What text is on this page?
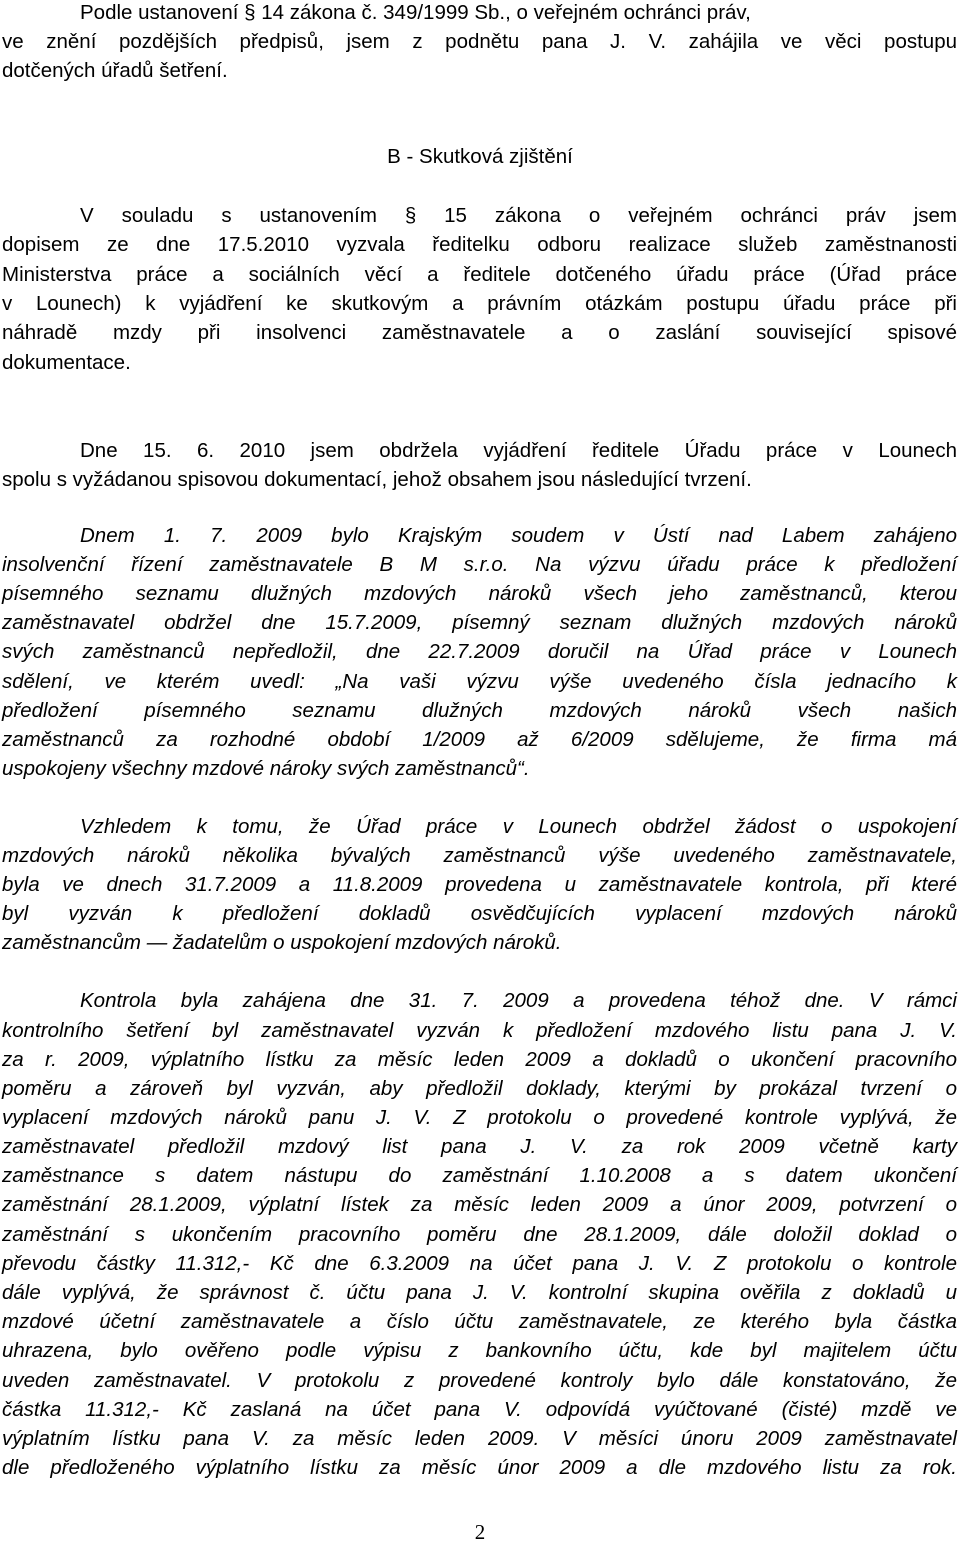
Podle ustanovení § 14 zákona č. 349/1999 Sb., o veřejném ochránci práv,
ve znění pozdějších předpisů, jsem z podnětu pana J. V. zahájila ve věci postupu
dotčených úřadů šetření.
B - Skutková zjištění
V souladu s ustanovením § 15 zákona o veřejném ochránci práv jsem
dopisem ze dne 17.5.2010 vyzvala ředitelku odboru realizace služeb zaměstnanosti
Ministerstva práce a sociálních věcí a ředitele dotčeného úřadu práce (Úřad práce
v Lounech) k vyjádření ke skutkovým a právním otázkám postupu úřadu práce při
náhradě mzdy při insolvenci zaměstnavatele a o zaslání související spisové
dokumentace.
Dne 15. 6. 2010 jsem obdržela vyjádření ředitele Úřadu práce v Lounech
spolu s vyžádanou spisovou dokumentací, jehož obsahem jsou následující tvrzení.
Dnem 1. 7. 2009 bylo Krajským soudem v Ústí nad Labem zahájeno
insolvenční řízení zaměstnavatele B M s.r.o. Na výzvu úřadu práce k předložení
písemného seznamu dlužných mzdových nároků všech jeho zaměstnanců, kterou
zaměstnavatel obdržel dne 15.7.2009, písemný seznam dlužných mzdových nároků
svých zaměstnanců nepředložil, dne 22.7.2009 doručil na Úřad práce v Lounech
sdělení, ve kterém uvedl: „Na vaši výzvu výše uvedeného čísla jednacího k
předložení písemného seznamu dlužných mzdových nároků všech našich
zaměstnanců za rozhodné období 1/2009 až 6/2009 sdělujeme, že firma má
uspokojeny všechny mzdové nároky svých zaměstnanců“.
Vzhledem k tomu, že Úřad práce v Lounech obdržel žádost o uspokojení
mzdových nároků několika bývalých zaměstnanců výše uvedeného zaměstnavatele,
byla ve dnech 31.7.2009 a 11.8.2009 provedena u zaměstnavatele kontrola, při které
byl vyzván k předložení dokladů osvědčujících vyplacení mzdových nároků
zaměstnancům — žadatelům o uspokojení mzdových nároků.
Kontrola byla zahájena dne 31. 7. 2009 a provedena téhož dne. V rámci
kontrolního šetření byl zaměstnavatel vyzván k předložení mzdového listu pana J. V.
za r. 2009, výplatního lístku za měsíc leden 2009 a dokladů o ukončení pracovního
poměru a zároveň byl vyzván, aby předložil doklady, kterými by prokázal tvrzení o
vyplacení mzdových nároků panu J. V. Z protokolu o provedené kontrole vyplývá, že
zaměstnavatel předložil mzdový list pana J. V. za rok 2009 včetně karty
zaměstnance s datem nástupu do zaměstnání 1.10.2008 a s datem ukončení
zaměstnání 28.1.2009, výplatní lístek za měsíc leden 2009 a únor 2009, potvrzení o
zaměstnání s ukončením pracovního poměru dne 28.1.2009, dále doložil doklad o
převodu částky 11.312,- Kč dne 6.3.2009 na účet pana J. V. Z protokolu o kontrole
dále vyplývá, že správnost č. účtu pana J. V. kontrolní skupina ověřila z dokladů u
mzdové účetní zaměstnavatele a číslo účtu zaměstnavatele, ze kterého byla částka
uhrazena, bylo ověřeno podle výpisu z bankovního účtu, kde byl majitelem účtu
uveden zaměstnavatel. V protokolu z provedené kontroly bylo dále konstatováno, že
částka 11.312,- Kč zaslaná na účet pana V. odpovídá vyúčtované (čisté) mzdě ve
výplatním lístku pana V. za měsíc leden 2009. V měsíci únoru 2009 zaměstnavatel
dle předloženého výplatního lístku za měsíc únor 2009 a dle mzdového listu za rok.
2
